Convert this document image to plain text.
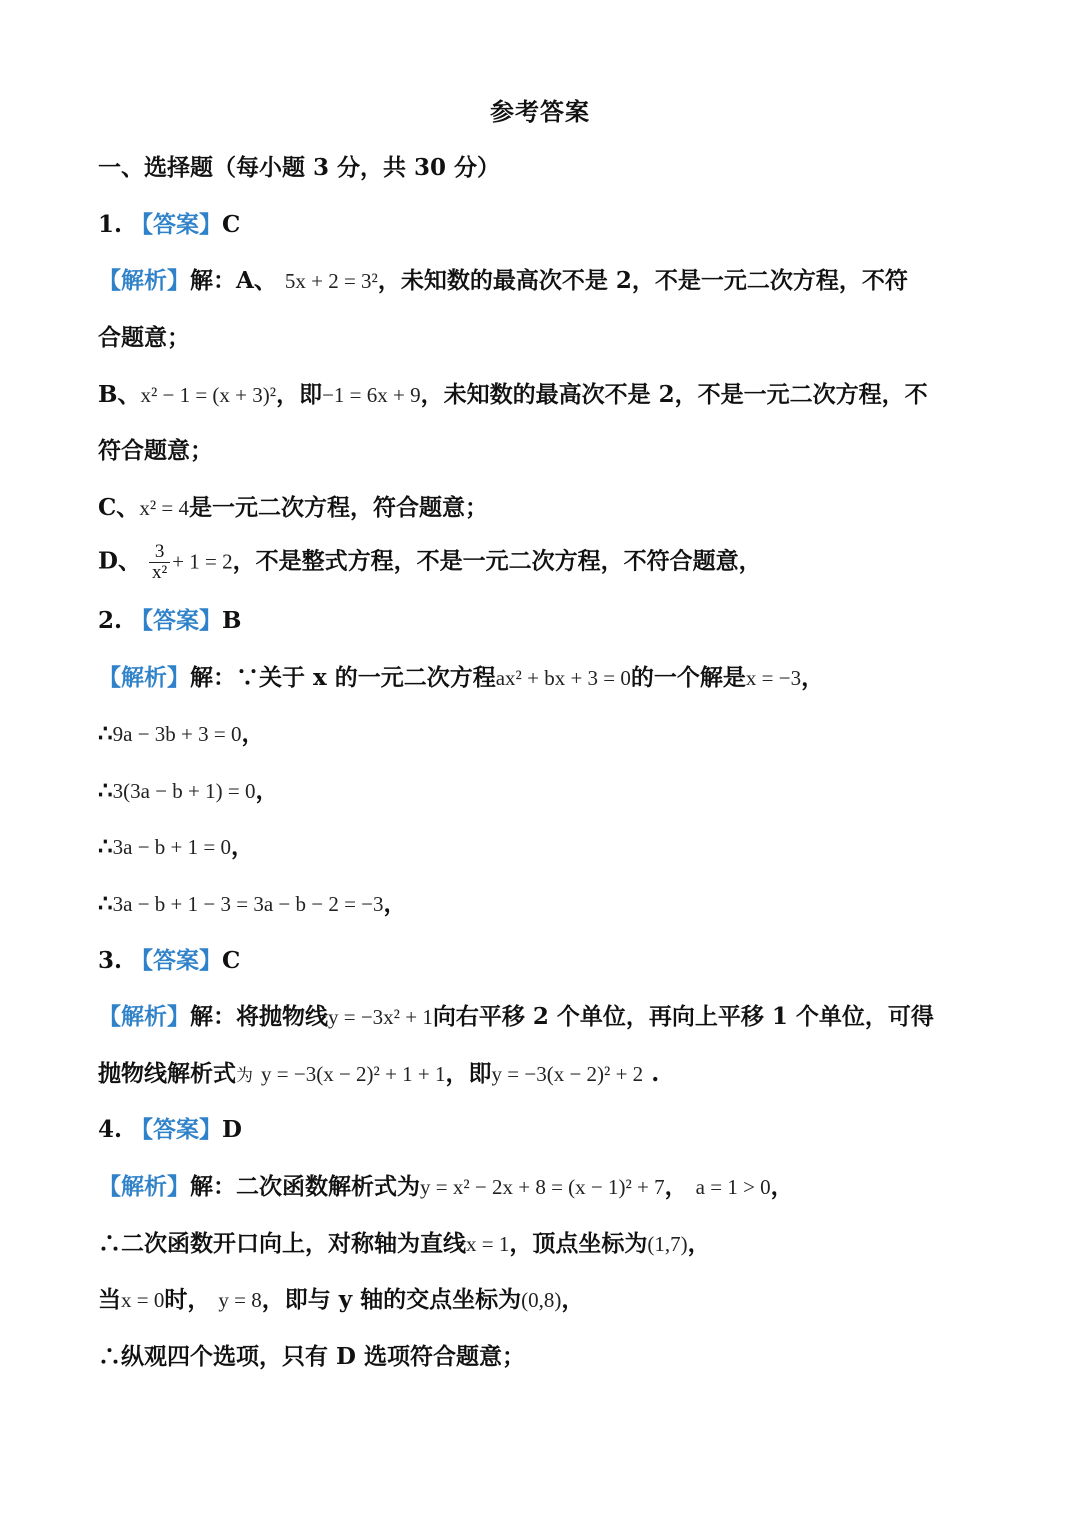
参考答案
一、选择题（每小题 3 分，共 30 分）
1. 【答案】C
【解析】解：A、 5x + 2 = 3²，未知数的最高次不是 2，不是一元二次方程，不符
合题意；
B、x² − 1 = (x + 3)²，即−1 = 6x + 9，未知数的最高次不是 2，不是一元二次方程，不
符合题意；
C、x² = 4是一元二次方程，符合题意；
D、 $\frac{3}{\text{x²}} + 1 = 2$，不是整式方程，不是一元二次方程，不符合题意，
2. 【答案】B
【解析】解：∵关于 x 的一元二次方程ax² + bx + 3 = 0的一个解是x = −3，
∴9a − 3b + 3 = 0，
∴3(3a − b + 1) = 0，
∴3a − b + 1 = 0，
∴3a − b + 1 − 3 = 3a − b − 2 = −3，
3. 【答案】C
【解析】解：将抛物线y = −3x² + 1向右平移 2 个单位，再向上平移 1 个单位，可得
抛物线解析式为 y = −3(x − 2)² + 1 + 1，即y = −3(x − 2)² + 2 .
4. 【答案】D
【解析】解：二次函数解析式为y = x² − 2x + 8 = (x − 1)² + 7， a = 1 > 0，
∴二次函数开口向上，对称轴为直线x = 1，顶点坐标为(1,7)，
当x = 0时， y = 8，即与 y 轴的交点坐标为(0,8)，
∴纵观四个选项，只有 D 选项符合题意；
